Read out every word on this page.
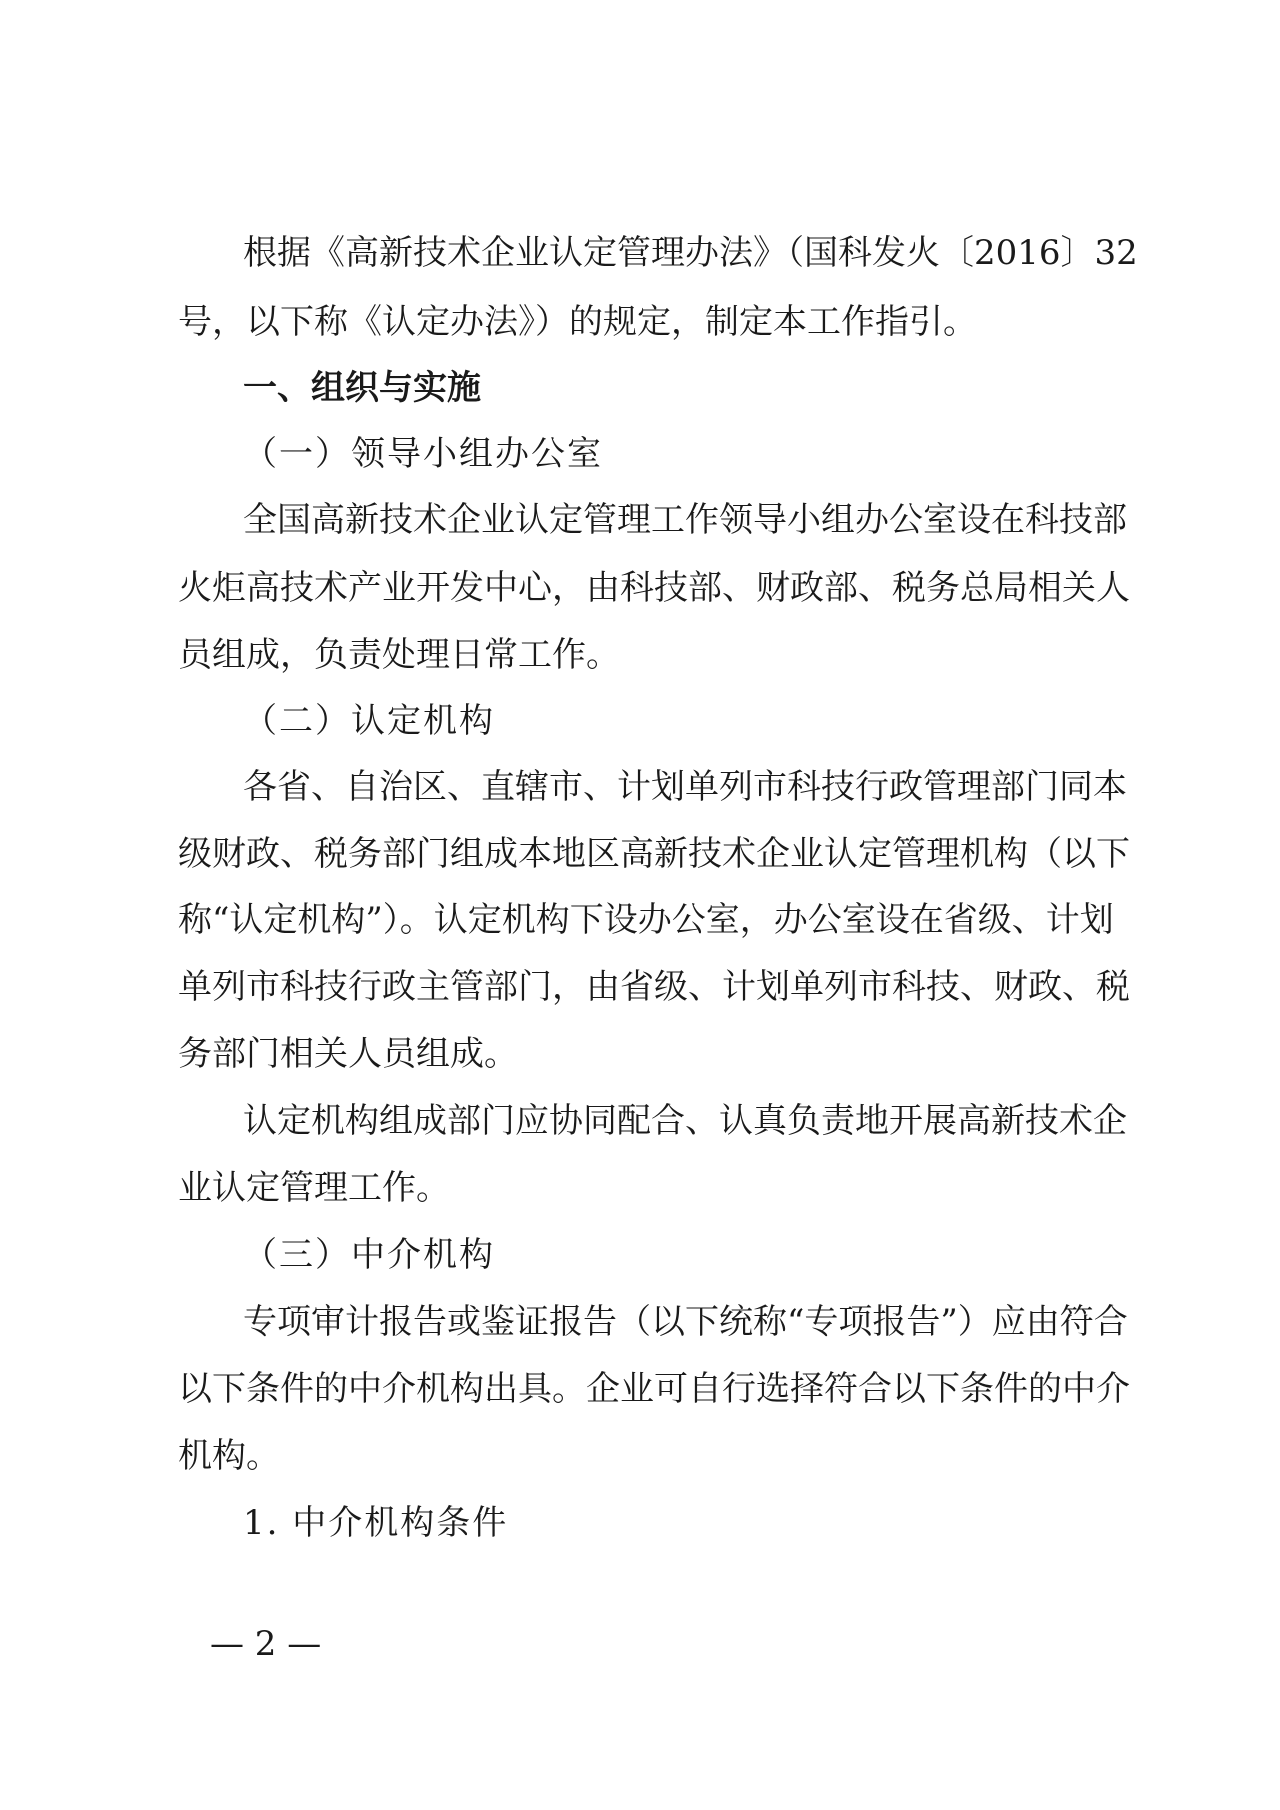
根据《高新技术企业认定管理办法》（国科发火〔2016〕32
号，以下称《认定办法》）的规定，制定本工作指引。
一、组织与实施
（一）领导小组办公室
全国高新技术企业认定管理工作领导小组办公室设在科技部
火炬高技术产业开发中心，由科技部、财政部、税务总局相关人
员组成，负责处理日常工作。
（二）认定机构
各省、自治区、直辖市、计划单列市科技行政管理部门同本
级财政、税务部门组成本地区高新技术企业认定管理机构（以下
称“认定机构”）。认定机构下设办公室，办公室设在省级、计划
单列市科技行政主管部门，由省级、计划单列市科技、财政、税
务部门相关人员组成。
认定机构组成部门应协同配合、认真负责地开展高新技术企
业认定管理工作。
（三）中介机构
专项审计报告或鉴证报告（以下统称“专项报告”）应由符合
以下条件的中介机构出具。企业可自行选择符合以下条件的中介
机构。
1. 中介机构条件
— 2 —
